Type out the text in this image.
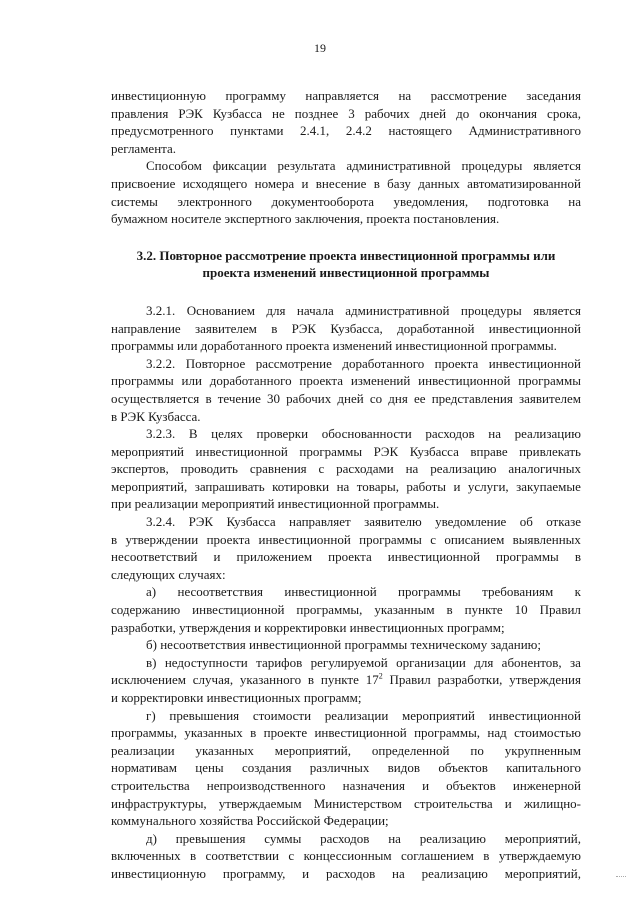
19
инвестиционную программу направляется на рассмотрение заседания
правления РЭК Кузбасса не позднее 3 рабочих дней до окончания срока,
предусмотренного пунктами 2.4.1, 2.4.2 настоящего Административного
регламента.
Способом фиксации результата административной процедуры является
присвоение исходящего номера и внесение в базу данных автоматизированной
системы электронного документооборота уведомления, подготовка на
бумажном носителе экспертного заключения, проекта постановления.
3.2. Повторное рассмотрение проекта инвестиционной программы или
проекта изменений инвестиционной программы
3.2.1. Основанием для начала административной процедуры является
направление заявителем в РЭК Кузбасса, доработанной инвестиционной
программы или доработанного проекта изменений инвестиционной программы.
3.2.2. Повторное рассмотрение доработанного проекта инвестиционной
программы или доработанного проекта изменений инвестиционной программы
осуществляется в течение 30 рабочих дней со дня ее представления заявителем
в РЭК Кузбасса.
3.2.3. В целях проверки обоснованности расходов на реализацию
мероприятий инвестиционной программы РЭК Кузбасса вправе привлекать
экспертов, проводить сравнения с расходами на реализацию аналогичных
мероприятий, запрашивать котировки на товары, работы и услуги, закупаемые
при реализации мероприятий инвестиционной программы.
3.2.4. РЭК Кузбасса направляет заявителю уведомление об отказе
в утверждении проекта инвестиционной программы с описанием выявленных
несоответствий и приложением проекта инвестиционной программы в
следующих случаях:
а) несоответствия инвестиционной программы требованиям к
содержанию инвестиционной программы, указанным в пункте 10 Правил
разработки, утверждения и корректировки инвестиционных программ;
б) несоответствия инвестиционной программы техническому заданию;
в) недоступности тарифов регулируемой организации для абонентов, за
исключением случая, указанного в пункте $17^2$ Правил разработки, утверждения
и корректировки инвестиционных программ;
г) превышения стоимости реализации мероприятий инвестиционной
программы, указанных в проекте инвестиционной программы, над стоимостью
реализации указанных мероприятий, определенной по укрупненным
нормативам цены создания различных видов объектов капитального
строительства непроизводственного назначения и объектов инженерной
инфраструктуры, утверждаемым Министерством строительства и жилищно-
коммунального хозяйства Российской Федерации;
д) превышения суммы расходов на реализацию мероприятий,
включенных в соответствии с концессионным соглашением в утверждаемую
инвестиционную программу, и расходов на реализацию мероприятий,
